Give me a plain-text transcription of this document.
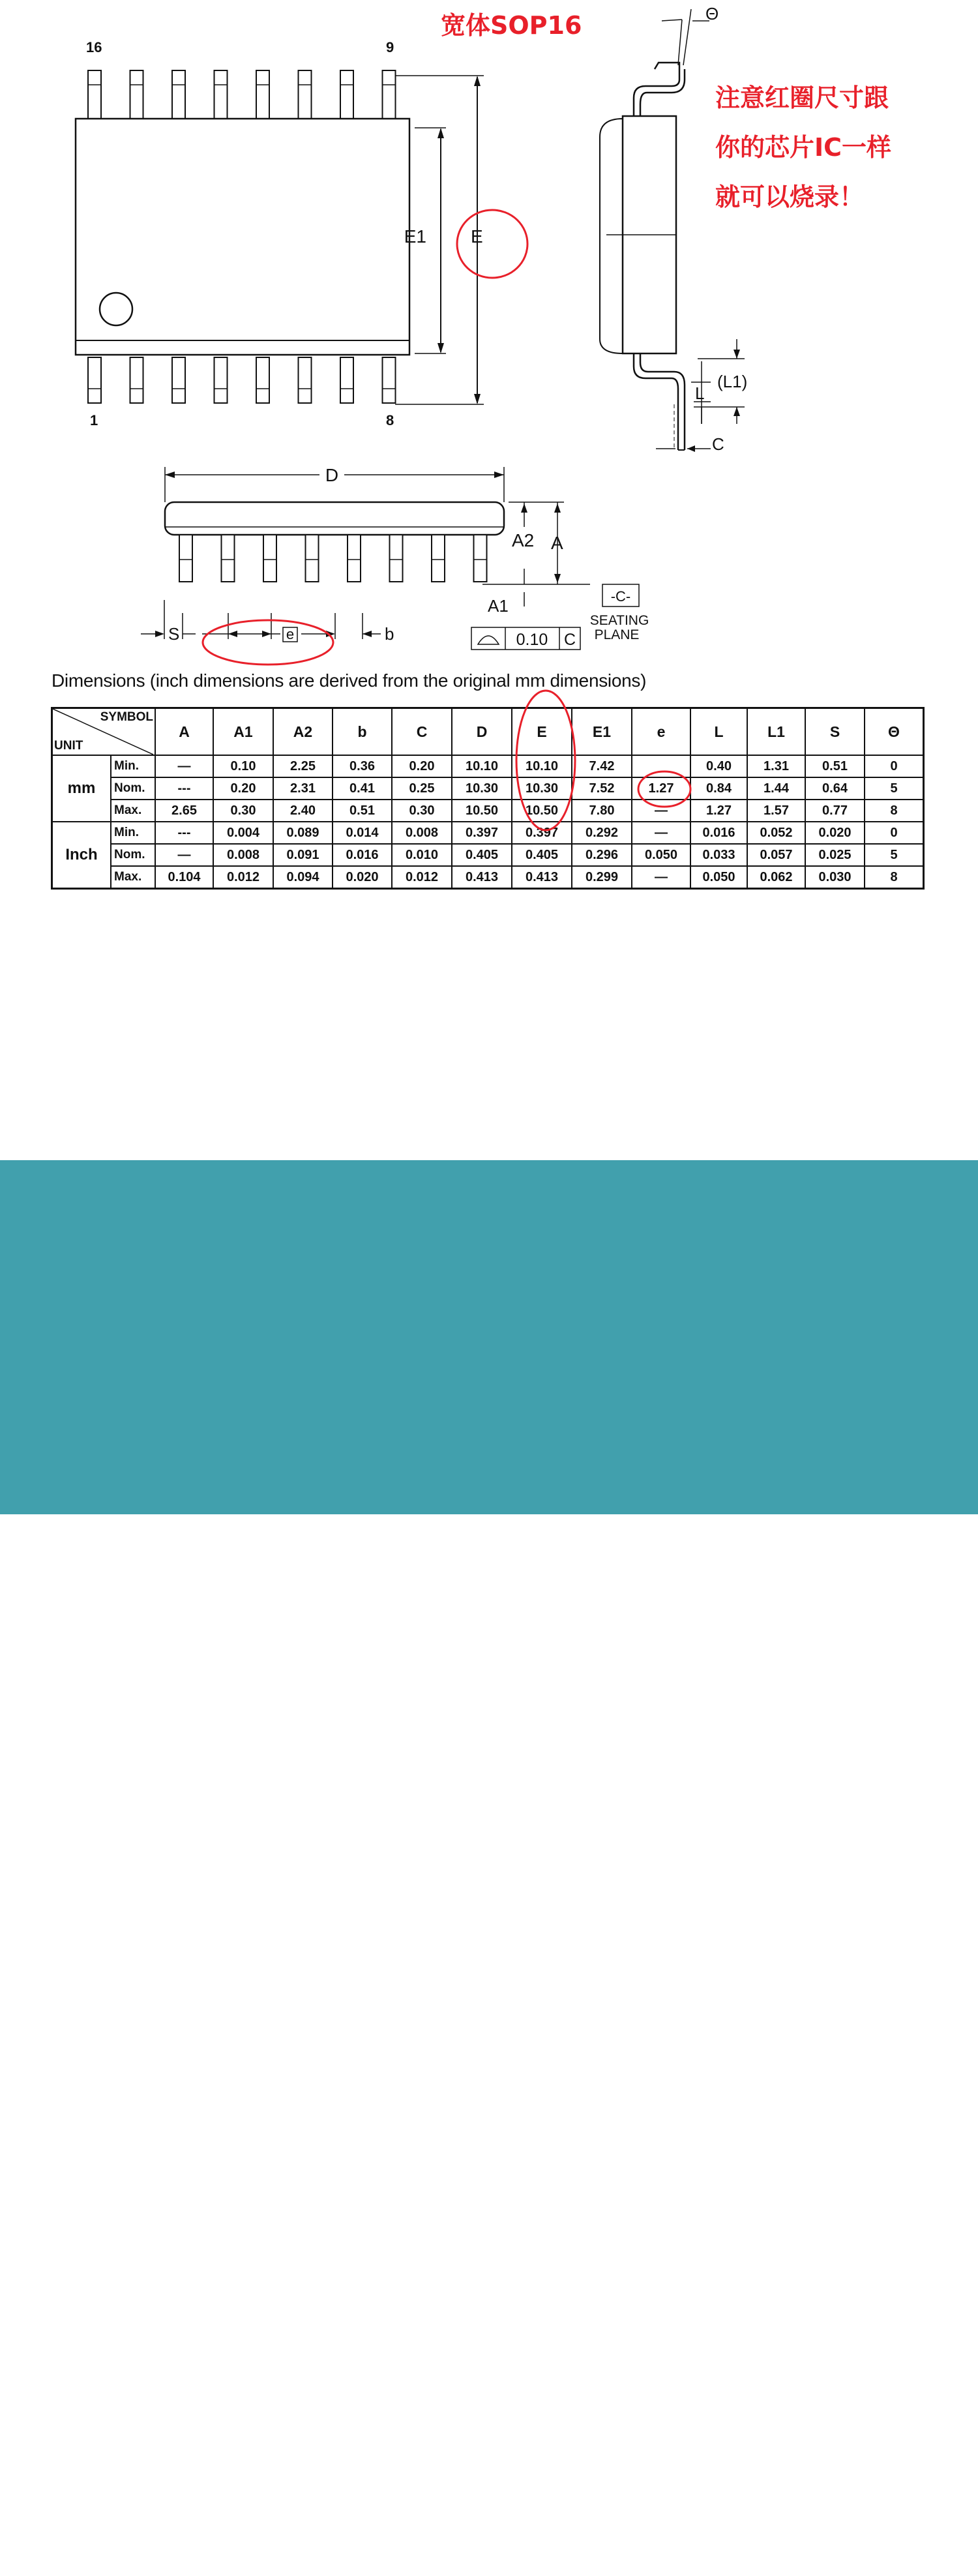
宽体SOP16
16	9
1	8
E1 E
Θ
(L1)
L
C
注意红圈尺寸跟
你的芯片IC一样
就可以烧录！
D
A2 A
A1	-C-
SEATING
PLANE
0.10 C
S	e	b
Dimensions (inch dimensions are derived from the original mm dimensions)
SYMBOL
UNIT		A	A1	A2	b	C	D	E	E1	e	L	L1	S	Θ
mm	Min.	—	0.10	2.25	0.36	0.20	10.10	10.10	7.42		0.40	1.31	0.51	0
	Nom.	---	0.20	2.31	0.41	0.25	10.30	10.30	7.52	1.27	0.84	1.44	0.64	5
	Max.	2.65	0.30	2.40	0.51	0.30	10.50	10.50	7.80	—	1.27	1.57	0.77	8
Inch	Min.	---	0.004	0.089	0.014	0.008	0.397	0.397	0.292	—	0.016	0.052	0.020	0
	Nom.	—	0.008	0.091	0.016	0.010	0.405	0.405	0.296	0.050	0.033	0.057	0.025	5
	Max.	0.104	0.012	0.094	0.020	0.012	0.413	0.413	0.299	—	0.050	0.062	0.030	8
产品参数
